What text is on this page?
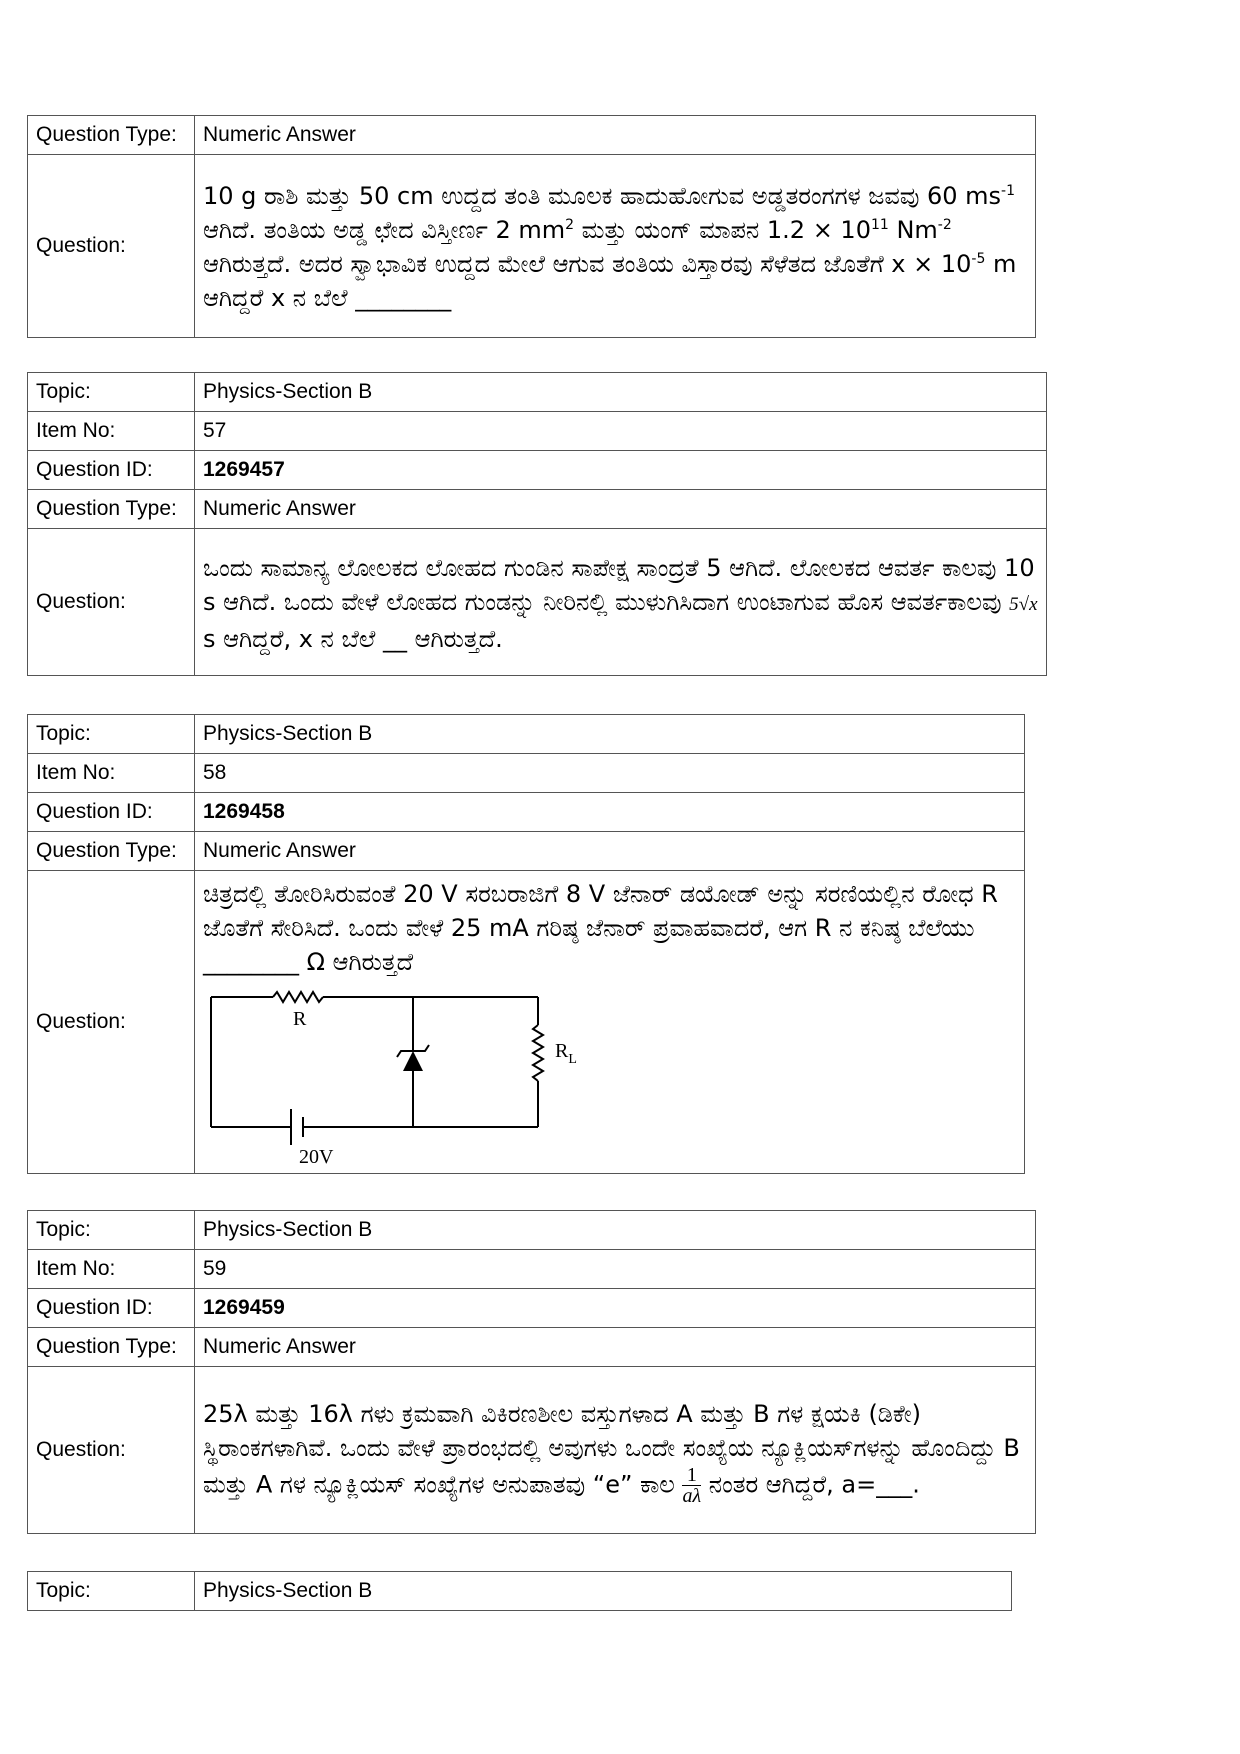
Question Type:	Numeric Answer
Question:	10 g ರಾಶಿ ಮತ್ತು 50 cm ಉದ್ದದ ತಂತಿ ಮೂಲಕ ಹಾದುಹೋಗುವ ಅಡ್ಡತರಂಗಗಳ ಜವವು 60 $ms^{-1}$ ಆಗಿದೆ. ತಂತಿಯ ಅಡ್ಡ ಛೇದ ವಿಸ್ತೀರ್ಣ 2 $mm^2$ ಮತ್ತು ಯಂಗ್ ಮಾಪನ $1.2 \times 10^{11}$ $Nm^{-2}$ ಆಗಿರುತ್ತದೆ. ಅದರ ಸ್ವಾಭಾವಿಕ ಉದ್ದದ ಮೇಲೆ ಆಗುವ ತಂತಿಯ ವಿಸ್ತಾರವು ಸೆಳೆತದ ಜೊತೆಗೆ $x \times 10^{-5}$ m ಆಗಿದ್ದರೆ x ನ ಬೆಲೆ ________
Topic:	Physics-Section B
Item No:	57
Question ID:	1269457
Question Type:	Numeric Answer
Question:	ಒಂದು ಸಾಮಾನ್ಯ ಲೋಲಕದ ಲೋಹದ ಗುಂಡಿನ ಸಾಪೇಕ್ಷ ಸಾಂದ್ರತೆ 5 ಆಗಿದೆ. ಲೋಲಕದ ಆವರ್ತ ಕಾಲವು 10 s ಆಗಿದೆ. ಒಂದು ವೇಳೆ ಲೋಹದ ಗುಂಡನ್ನು ನೀರಿನಲ್ಲಿ ಮುಳುಗಿಸಿದಾಗ ಉಂಟಾಗುವ ಹೊಸ ಆವರ್ತಕಾಲವು 5√x s ಆಗಿದ್ದರೆ, x ನ ಬೆಲೆ __ ಆಗಿರುತ್ತದೆ.
Topic:	Physics-Section B
Item No:	58
Question ID:	1269458
Question Type:	Numeric Answer
Question:	ಚಿತ್ರದಲ್ಲಿ ತೋರಿಸಿರುವಂತೆ 20 V ಸರಬರಾಜಿಗೆ 8 V ಜೆನಾರ್ ಡಯೋಡ್ ಅನ್ನು ಸರಣಿಯಲ್ಲಿನ ರೋಧ R ಜೊತೆಗೆ ಸೇರಿಸಿದೆ. ಒಂದು ವೇಳೆ 25 mA ಗರಿಷ್ಠ ಜೆನಾರ್ ಪ್ರವಾಹವಾದರೆ, ಆಗ R ನ ಕನಿಷ್ಠ ಬೆಲೆಯು ________ Ω ಆಗಿರುತ್ತದೆ
R
$R_L$
20V
Topic:	Physics-Section B
Item No:	59
Question ID:	1269459
Question Type:	Numeric Answer
Question:	25λ ಮತ್ತು 16λ ಗಳು ಕ್ರಮವಾಗಿ ವಿಕಿರಣಶೀಲ ವಸ್ತುಗಳಾದ A ಮತ್ತು B ಗಳ ಕ್ಷಯಕಿ (ಡಿಕೇ) ಸ್ಥಿರಾಂಕಗಳಾಗಿವೆ. ಒಂದು ವೇಳೆ ಪ್ರಾರಂಭದಲ್ಲಿ ಅವುಗಳು ಒಂದೇ ಸಂಖ್ಯೆಯ ನ್ಯೂಕ್ಲಿಯಸ್‌ಗಳನ್ನು ಹೊಂದಿದ್ದು B ಮತ್ತು A ಗಳ ನ್ಯೂಕ್ಲಿಯಸ್ ಸಂಖ್ಯೆಗಳ ಅನುಪಾತವು “e” ಕಾಲ $\frac{1}{a\lambda}$ ನಂತರ ಆಗಿದ್ದರೆ, a=___.
Topic:	Physics-Section B
